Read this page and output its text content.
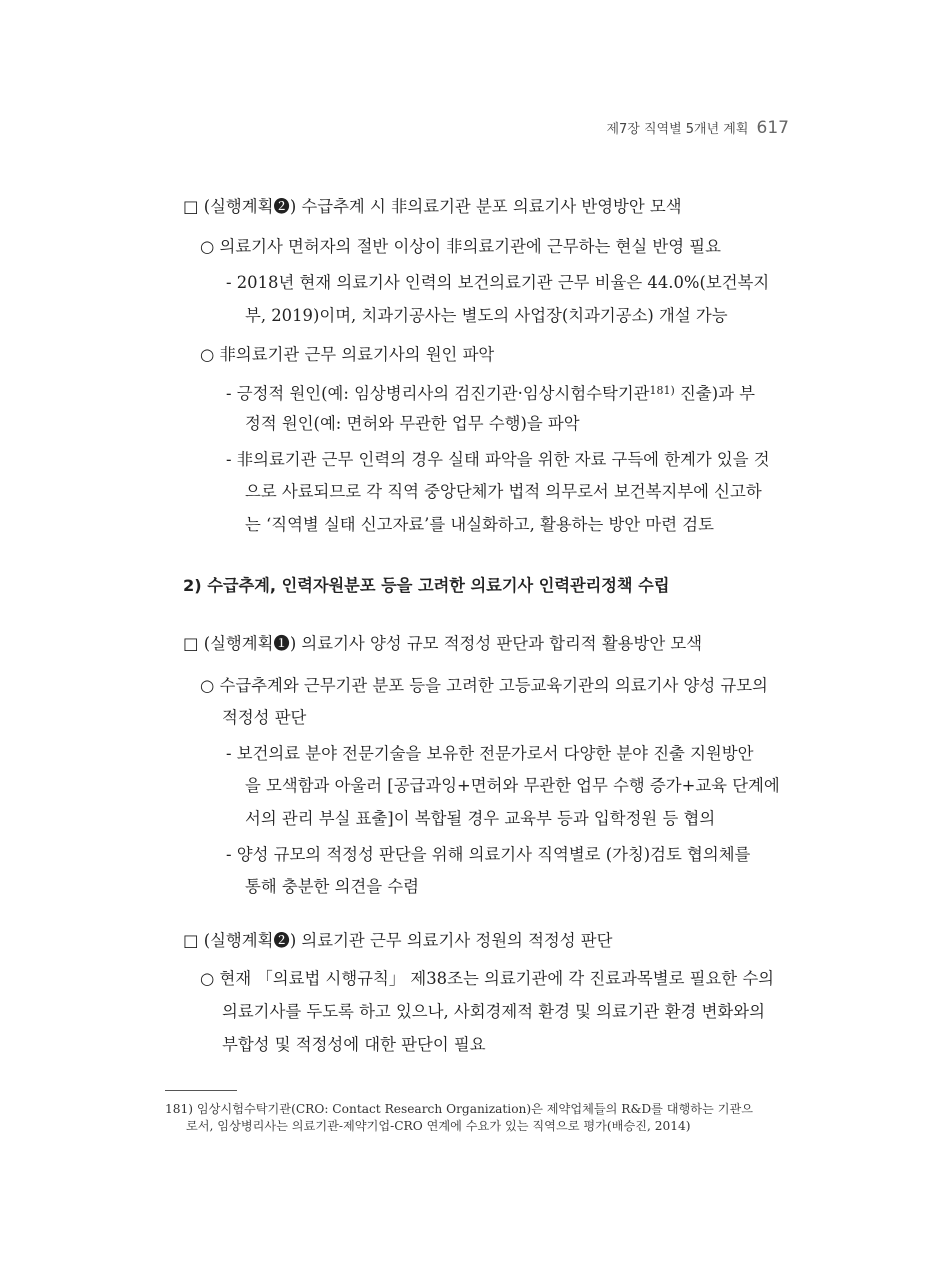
제7장 직역별 5개년 계획 617
□ (실행계획❷) 수급추계 시 非의료기관 분포 의료기사 반영방안 모색
○ 의료기사 면허자의 절반 이상이 非의료기관에 근무하는 현실 반영 필요
- 2018년 현재 의료기사 인력의 보건의료기관 근무 비율은 44.0%(보건복지
부, 2019)이며, 치과기공사는 별도의 사업장(치과기공소) 개설 가능
○ 非의료기관 근무 의료기사의 원인 파악
- 긍정적 원인(예: 임상병리사의 검진기관·임상시험수탁기관$^{181)}$ 진출)과 부
정적 원인(예: 면허와 무관한 업무 수행)을 파악
- 非의료기관 근무 인력의 경우 실태 파악을 위한 자료 구득에 한계가 있을 것
으로 사료되므로 각 직역 중앙단체가 법적 의무로서 보건복지부에 신고하
는 ‘직역별 실태 신고자료’를 내실화하고, 활용하는 방안 마련 검토
2) 수급추계, 인력자원분포 등을 고려한 의료기사 인력관리정책 수립
□ (실행계획❶) 의료기사 양성 규모 적정성 판단과 합리적 활용방안 모색
○ 수급추계와 근무기관 분포 등을 고려한 고등교육기관의 의료기사 양성 규모의
적정성 판단
- 보건의료 분야 전문기술을 보유한 전문가로서 다양한 분야 진출 지원방안
을 모색함과 아울러 [공급과잉+면허와 무관한 업무 수행 증가+교육 단계에
서의 관리 부실 표출]이 복합될 경우 교육부 등과 입학정원 등 협의
- 양성 규모의 적정성 판단을 위해 의료기사 직역별로 (가칭)검토 협의체를
통해 충분한 의견을 수렴
□ (실행계획❷) 의료기관 근무 의료기사 정원의 적정성 판단
○ 현재 「의료법 시행규칙」 제38조는 의료기관에 각 진료과목별로 필요한 수의
의료기사를 두도록 하고 있으나, 사회경제적 환경 및 의료기관 환경 변화와의
부합성 및 적정성에 대한 판단이 필요
181) 임상시험수탁기관(CRO: Contact Research Organization)은 제약업체들의 R&D를 대행하는 기관으
로서, 임상병리사는 의료기관-제약기업-CRO 연계에 수요가 있는 직역으로 평가(배승진, 2014)
